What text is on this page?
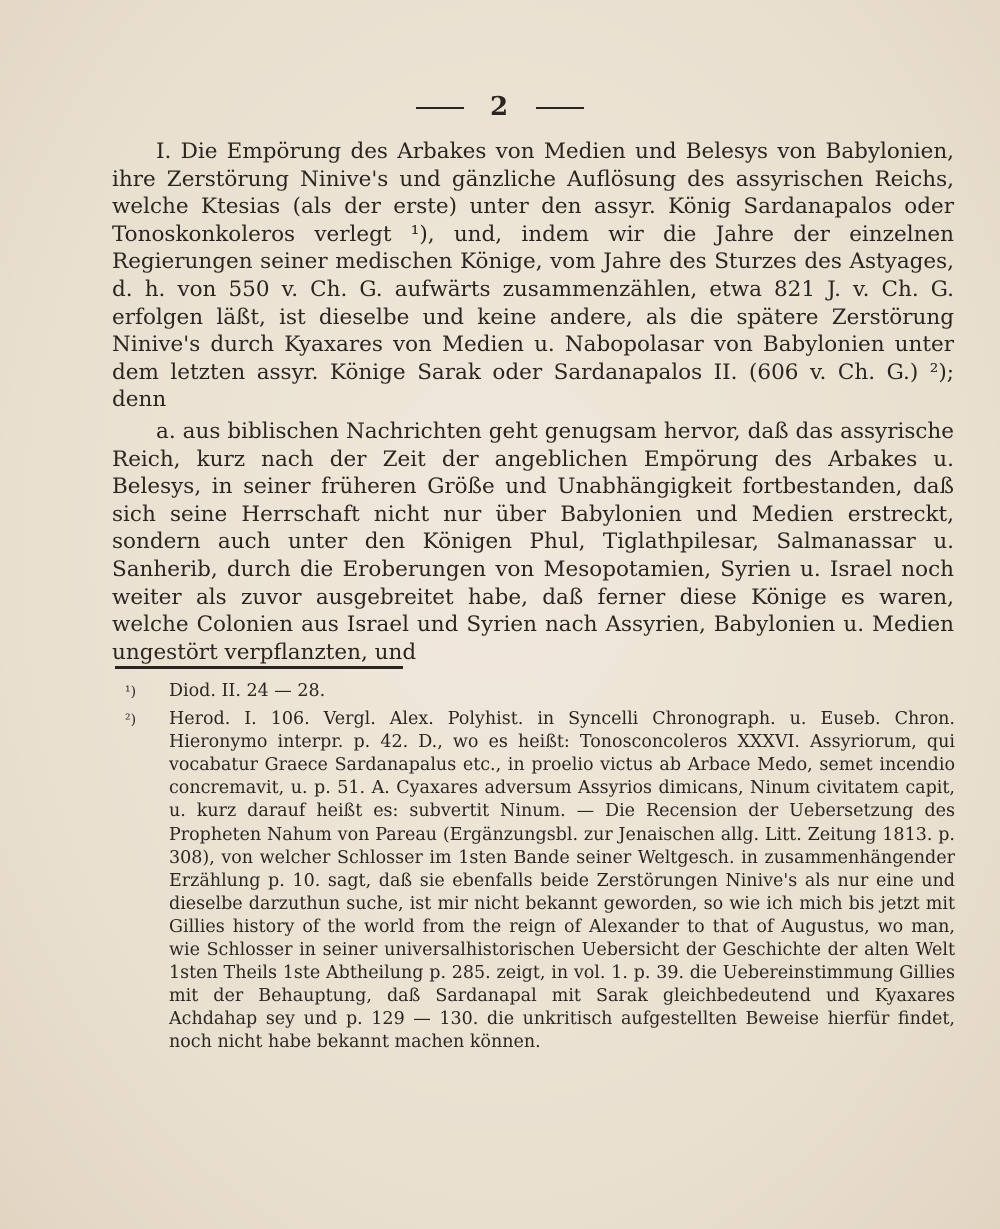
2

I. Die Empörung des Arbakes von Medien und Belesys von Babylonien, ihre Zerstörung Ninive's und gänzliche Auflösung des assyrischen Reichs, welche Ktesias (als der erste) unter den assyr. König Sardanapalos oder Tonoskonkoleros verlegt ¹), und, indem wir die Jahre der einzelnen Regierungen seiner medischen Könige, vom Jahre des Sturzes des Astyages, d. h. von 550 v. Ch. G. aufwärts zusammenzählen, etwa 821 J. v. Ch. G. erfolgen läßt, ist dieselbe und keine andere, als die spätere Zerstörung Ninive's durch Kyaxares von Medien u. Nabopolasar von Babylonien unter dem letzten assyr. Könige Sarak oder Sardanapalos II. (606 v. Ch. G.) ²); denn

a. aus biblischen Nachrichten geht genugsam hervor, daß das assyrische Reich, kurz nach der Zeit der angeblichen Empörung des Arbakes u. Belesys, in seiner früheren Größe und Unabhängigkeit fortbestanden, daß sich seine Herrschaft nicht nur über Babylonien und Medien erstreckt, sondern auch unter den Königen Phul, Tiglathpilesar, Salmanassar u. Sanherib, durch die Eroberungen von Mesopotamien, Syrien u. Israel noch weiter als zuvor ausgebreitet habe, daß ferner diese Könige es waren, welche Colonien aus Israel und Syrien nach Assyrien, Babylonien u. Medien ungestört verpflanzten, und

¹)	Diod. II. 24 — 28.
²)	Herod. I. 106. Vergl. Alex. Polyhist. in Syncelli Chronograph. u. Euseb. Chron. Hieronymo interpr. p. 42. D., wo es heißt: Tonosconcoleros XXXVI. Assyriorum, qui vocabatur Graece Sardanapalus etc., in proelio victus ab Arbace Medo, semet incendio concremavit, u. p. 51. A. Cyaxares adversum Assyrios dimicans, Ninum civitatem capit, u. kurz darauf heißt es: subvertit Ninum. — Die Recension der Uebersetzung des Propheten Nahum von Pareau (Ergänzungsbl. zur Jenaischen allg. Litt. Zeitung 1813. p. 308), von welcher Schlosser im 1sten Bande seiner Weltgesch. in zusammenhängender Erzählung p. 10. sagt, daß sie ebenfalls beide Zerstörungen Ninive's als nur eine und dieselbe darzuthun suche, ist mir nicht bekannt geworden, so wie ich mich bis jetzt mit Gillies history of the world from the reign of Alexander to that of Augustus, wo man, wie Schlosser in seiner universalhistorischen Uebersicht der Geschichte der alten Welt 1sten Theils 1ste Abtheilung p. 285. zeigt, in vol. 1. p. 39. die Uebereinstimmung Gillies mit der Behauptung, daß Sardanapal mit Sarak gleichbedeutend und Kyaxares Achdahap sey und p. 129 — 130. die unkritisch aufgestellten Beweise hierfür findet, noch nicht habe bekannt machen können.
